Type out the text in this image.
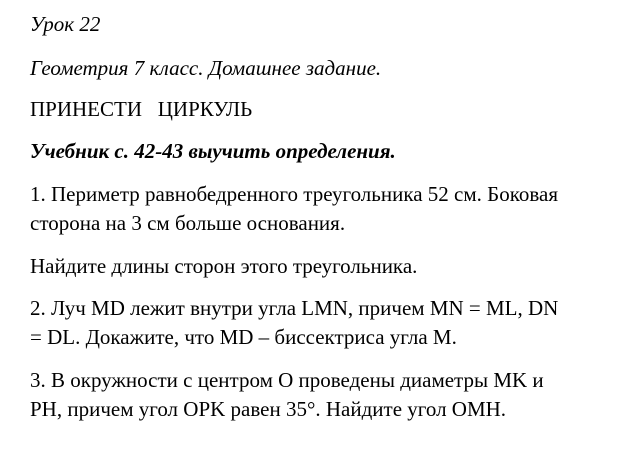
Урок 22

Геометрия 7 класс. Домашнее задание.

ПРИНЕСТИ   ЦИРКУЛЬ

Учебник с. 42-43 выучить определения.

1. Периметр равнобедренного треугольника 52 см. Боковая

сторона на 3 см больше основания.

Найдите длины сторон этого треугольника.

2. Луч MD лежит внутри угла LMN, причем MN = ML, DN

= DL. Докажите, что MD – биссектриса угла M.

3. В окружности с центром O проведены диаметры MK и

PH, причем угол OPK равен 35°. Найдите угол OMH.
